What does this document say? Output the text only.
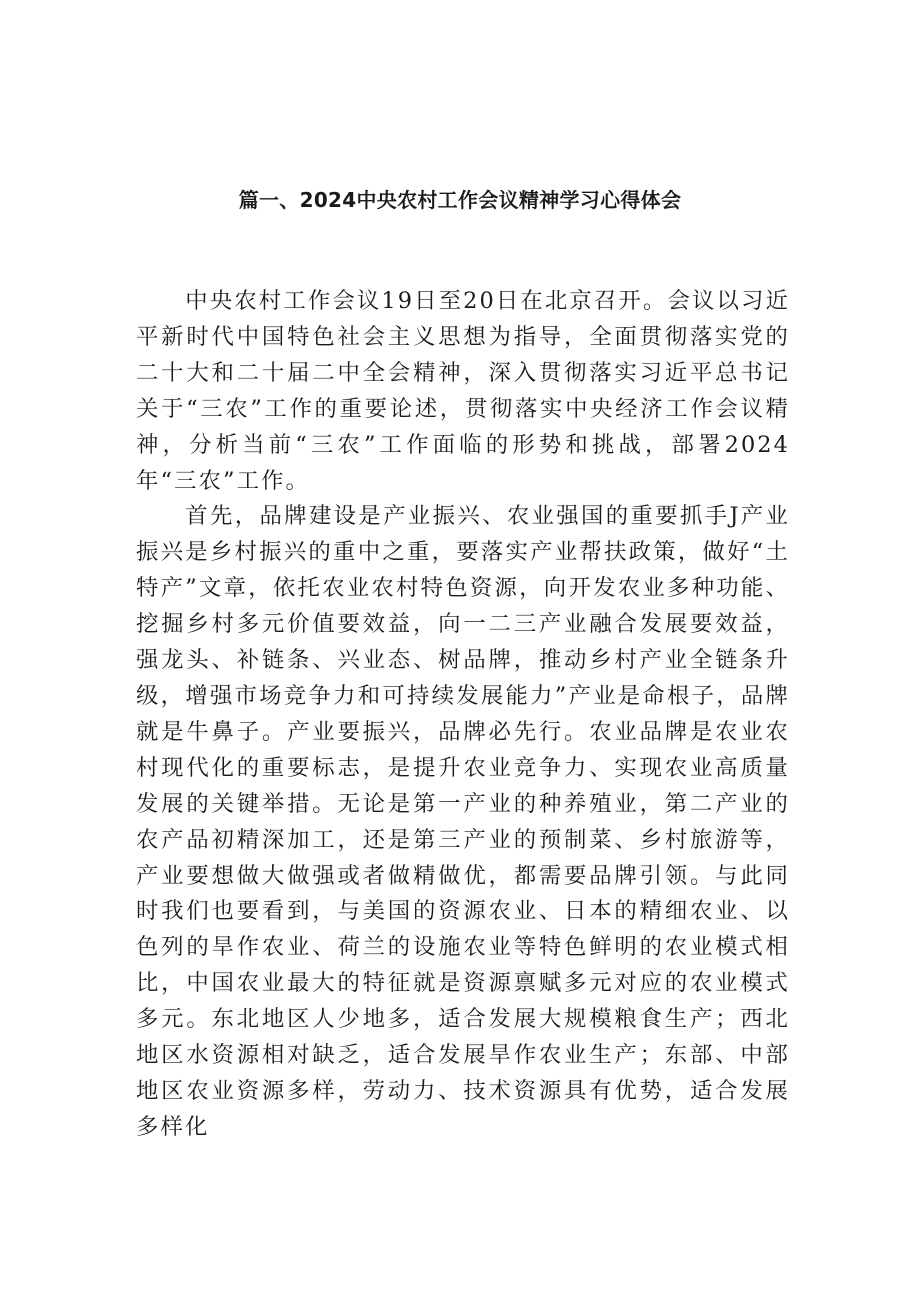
篇一、2024中央农村工作会议精神学习心得体会

中央农村工作会议19日至20日在北京召开。会议以习近平新时代中国特色社会主义思想为指导，全面贯彻落实党的二十大和二十届二中全会精神，深入贯彻落实习近平总书记关于“三农”工作的重要论述，贯彻落实中央经济工作会议精神，分析当前“三农”工作面临的形势和挑战，部署2024年“三农”工作。

首先，品牌建设是产业振兴、农业强国的重要抓手J产业振兴是乡村振兴的重中之重，要落实产业帮扶政策，做好“土特产”文章，依托农业农村特色资源，向开发农业多种功能、挖掘乡村多元价值要效益，向一二三产业融合发展要效益，强龙头、补链条、兴业态、树品牌，推动乡村产业全链条升级，增强市场竞争力和可持续发展能力”产业是命根子，品牌就是牛鼻子。产业要振兴，品牌必先行。农业品牌是农业农村现代化的重要标志，是提升农业竞争力、实现农业高质量发展的关键举措。无论是第一产业的种养殖业，第二产业的农产品初精深加工，还是第三产业的预制菜、乡村旅游等，产业要想做大做强或者做精做优，都需要品牌引领。与此同时我们也要看到，与美国的资源农业、日本的精细农业、以色列的旱作农业、荷兰的设施农业等特色鲜明的农业模式相比，中国农业最大的特征就是资源禀赋多元对应的农业模式多元。东北地区人少地多，适合发展大规模粮食生产；西北地区水资源相对缺乏，适合发展旱作农业生产；东部、中部地区农业资源多样，劳动力、技术资源具有优势，适合发展多样化
